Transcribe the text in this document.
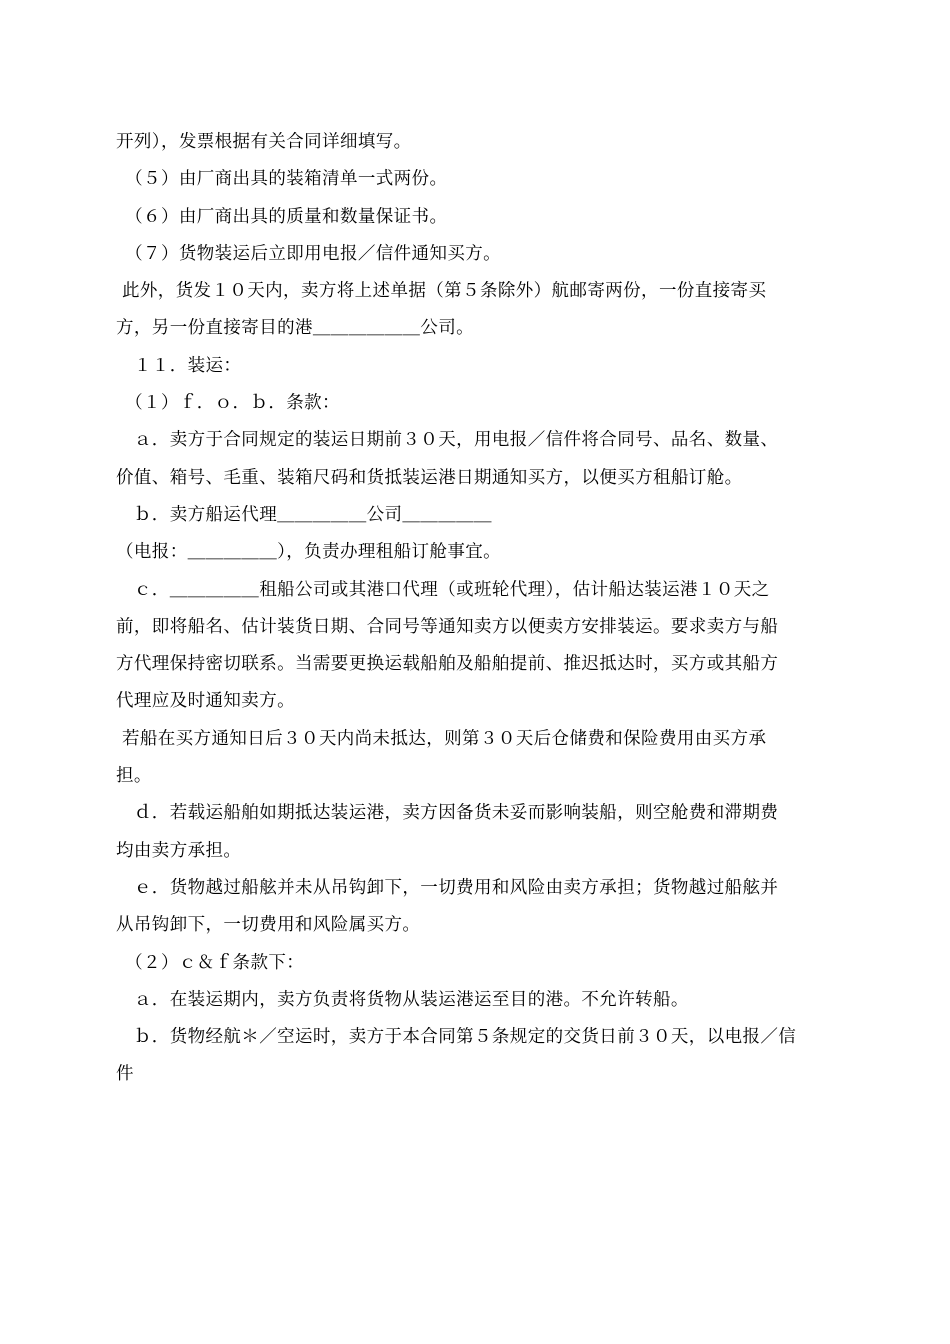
开列），发票根据有关合同详细填写。
　（５）由厂商出具的装箱清单一式两份。
　（６）由厂商出具的质量和数量保证书。
　（７）货物装运后立即用电报／信件通知买方。
此外，货发１０天内，卖方将上述单据（第５条除外）航邮寄两份，一份直接寄买
方，另一份直接寄目的港＿＿＿＿＿＿公司。
　１１．装运：
　（１）ｆ．ｏ．ｂ．条款：
　ａ．卖方于合同规定的装运日期前３０天，用电报／信件将合同号、品名、数量、
价值、箱号、毛重、装箱尺码和货抵装运港日期通知买方，以便买方租船订舱。
　ｂ．卖方船运代理＿＿＿＿＿公司＿＿＿＿＿
（电报：＿＿＿＿＿），负责办理租船订舱事宜。
　ｃ．＿＿＿＿＿租船公司或其港口代理（或班轮代理），估计船达装运港１０天之
前，即将船名、估计装货日期、合同号等通知卖方以便卖方安排装运。要求卖方与船
方代理保持密切联系。当需要更换运载船舶及船舶提前、推迟抵达时，买方或其船方
代理应及时通知卖方。
若船在买方通知日后３０天内尚未抵达，则第３０天后仓储费和保险费用由买方承
担。
　ｄ．若载运船舶如期抵达装运港，卖方因备货未妥而影响装船，则空舱费和滞期费
均由卖方承担。
　ｅ．货物越过船舷并未从吊钩卸下，一切费用和风险由卖方承担；货物越过船舷并
从吊钩卸下，一切费用和风险属买方。
　（２）ｃ＆ｆ条款下：
　ａ．在装运期内，卖方负责将货物从装运港运至目的港。不允许转船。
　ｂ．货物经航＊／空运时，卖方于本合同第５条规定的交货日前３０天，以电报／信
件
